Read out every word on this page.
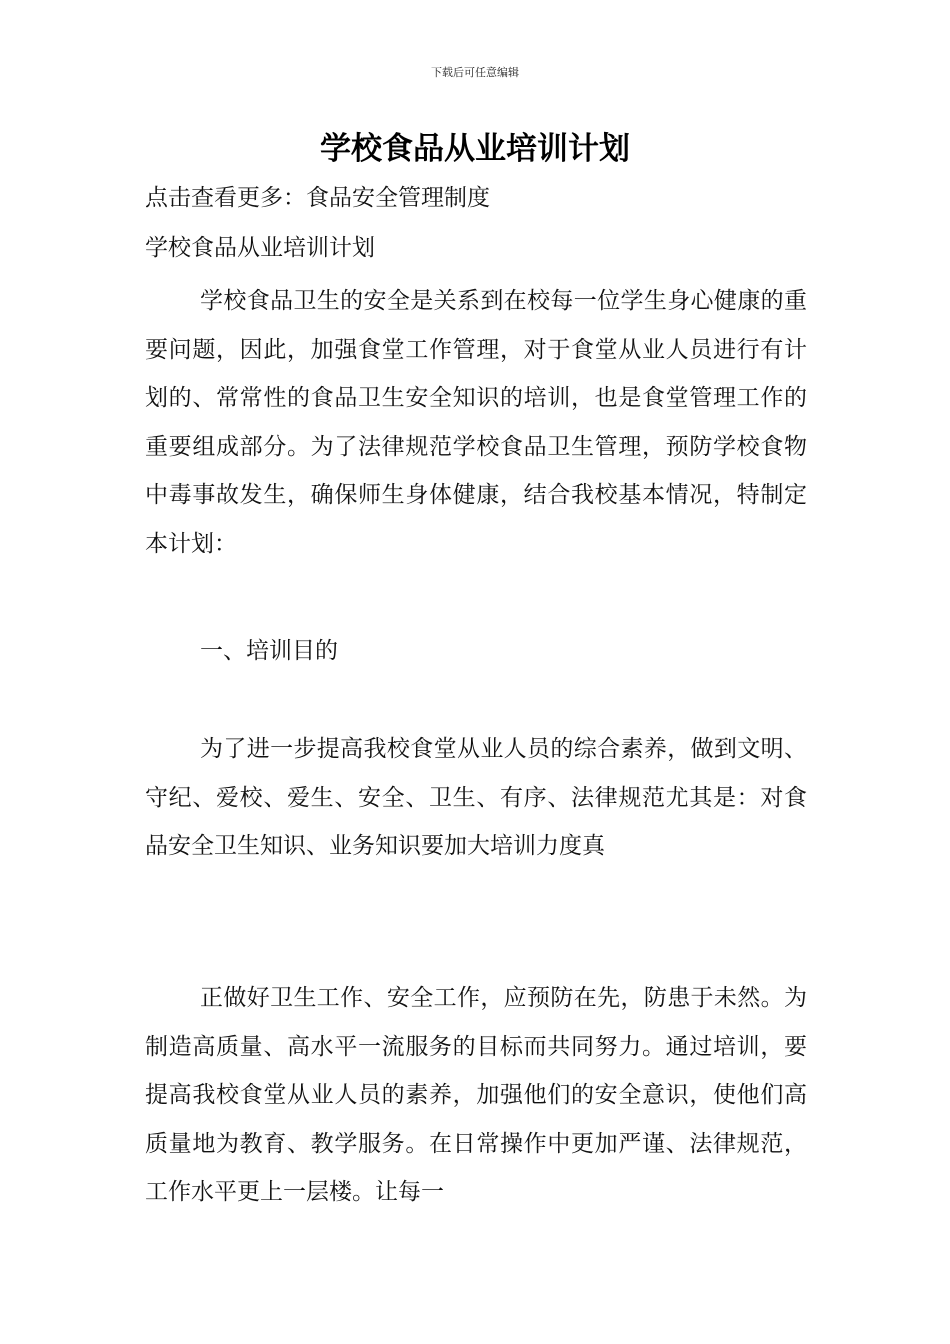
下载后可任意编辑
学校食品从业培训计划

点击查看更多：食品安全管理制度

学校食品从业培训计划

学校食品卫生的安全是关系到在校每一位学生身心健康的重要问题，因此，加强食堂工作管理，对于食堂从业人员进行有计划的、常常性的食品卫生安全知识的培训，也是食堂管理工作的重要组成部分。为了法律规范学校食品卫生管理，预防学校食物中毒事故发生，确保师生身体健康，结合我校基本情况，特制定本计划：

一、培训目的

为了进一步提高我校食堂从业人员的综合素养，做到文明、守纪、爱校、爱生、安全、卫生、有序、法律规范尤其是：对食品安全卫生知识、业务知识要加大培训力度真

正做好卫生工作、安全工作，应预防在先，防患于未然。为制造高质量、高水平一流服务的目标而共同努力。通过培训，要提高我校食堂从业人员的素养，加强他们的安全意识，使他们高质量地为教育、教学服务。在日常操作中更加严谨、法律规范，工作水平更上一层楼。让每一
